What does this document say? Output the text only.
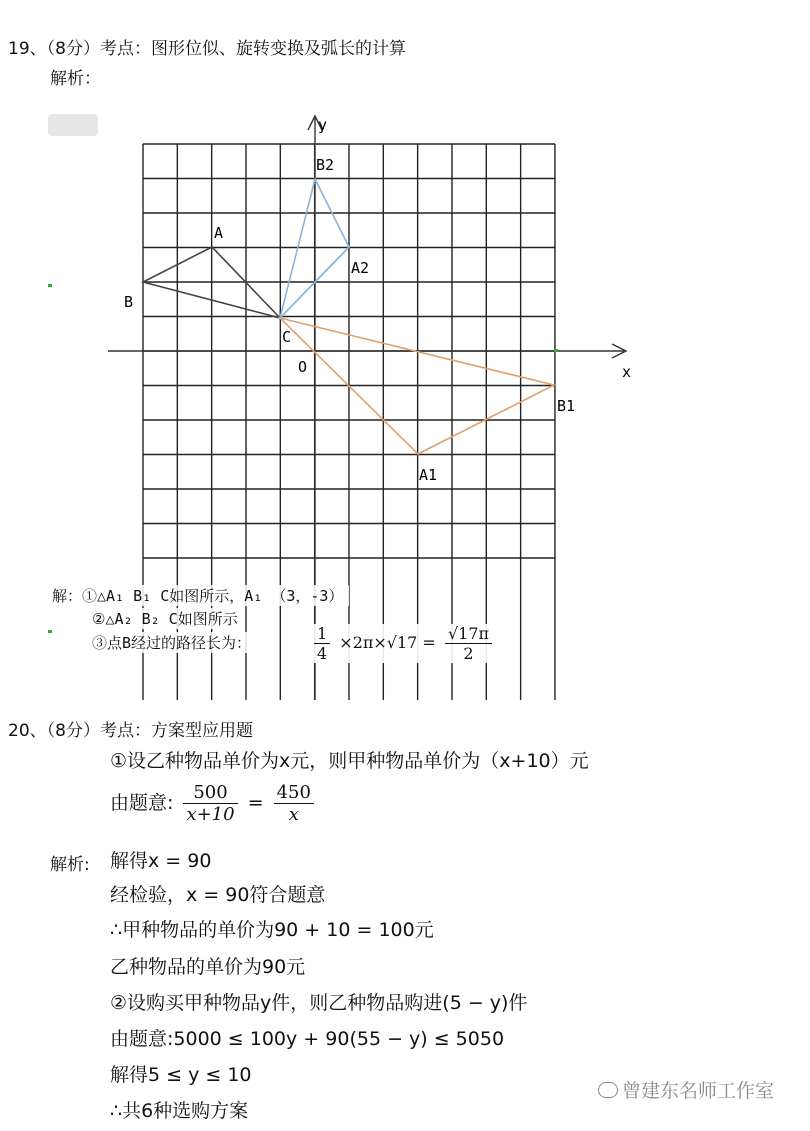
19、（8分）考点：图形位似、旋转变换及弧长的计算
解析：
x
y
O
A
B
C
A1
B1
A2
B2
解：①△A₁ B₁ C如图所示，A₁ （3，-3）
②△A₂ B₂ C如图所示
③点B经过的路径长为：	$\frac{1}{4} \times 2\pi\times√17 = \frac{√17\pi}{2}$
20、（8分）考点：方案型应用题
①设乙种物品单价为x元，则甲种物品单价为（x+10）元
由题意: $\frac{500}{x+10} = \frac{450}{x}$
解析: 解得x = 90
经检验，x = 90符合题意
∴甲种物品的单价为90 + 10 = 100元
乙种物品的单价为90元
②设购买甲种物品y件，则乙种物品购进(5 − y)件
由题意:5000 ≤ 100y + 90(55 − y) ≤ 5050
解得5 ≤ y ≤ 10
∴共6种选购方案
曾建东名师工作室
